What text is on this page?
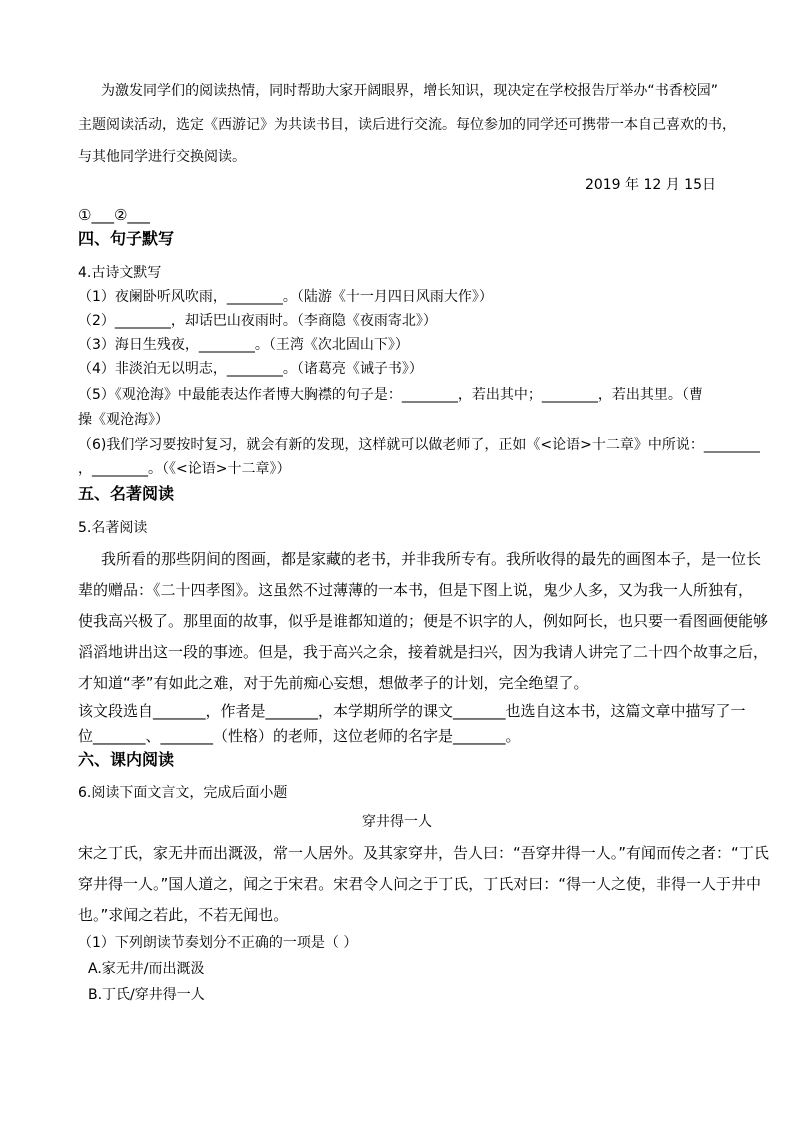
为激发同学们的阅读热情，同时帮助大家开阔眼界，增长知识，现决定在学校报告厅举办“书香校园”
主题阅读活动，选定《西游记》为共读书目，读后进行交流。每位参加的同学还可携带一本自己喜欢的书，
与其他同学进行交换阅读。
2019 年 12 月 15日
①___②___
四、句子默写
4.古诗文默写
（1）夜阑卧听风吹雨，________。（陆游《十一月四日风雨大作》）
（2）________，却话巴山夜雨时。（李商隐《夜雨寄北》）
（3）海日生残夜，________。（王湾《次北固山下》）
（4）非淡泊无以明志，________。（诸葛亮《诫子书》）
（5）《观沧海》中最能表达作者博大胸襟的句子是：________，若出其中；________，若出其里。（曹
操《观沧海》）
（6)我们学习要按时复习，就会有新的发现，这样就可以做老师了，正如《<论语>十二章》中所说：________
，________。（《<论语>十二章》）
五、名著阅读
5.名著阅读
我所看的那些阴间的图画，都是家藏的老书，并非我所专有。我所收得的最先的画图本子，是一位长
辈的赠品：《二十四孝图》。这虽然不过薄薄的一本书，但是下图上说，鬼少人多，又为我一人所独有，
使我高兴极了。那里面的故事，似乎是谁都知道的；便是不识字的人，例如阿长，也只要一看图画便能够
滔滔地讲出这一段的事迹。但是，我于高兴之余，接着就是扫兴，因为我请人讲完了二十四个故事之后，
才知道“孝”有如此之难，对于先前痴心妄想，想做孝子的计划，完全绝望了。
该文段选自_______，作者是_______，本学期所学的课文_______也选自这本书，这篇文章中描写了一
位_______、_______（性格）的老师，这位老师的名字是_______。
六、课内阅读
6.阅读下面文言文，完成后面小题
穿井得一人
宋之丁氏，家无井而出溉汲，常一人居外。及其家穿井，告人曰：“吾穿井得一人。”有闻而传之者：“丁氏
穿井得一人。”国人道之，闻之于宋君。宋君令人问之于丁氏，丁氏对曰：“得一人之使，非得一人于井中
也。”求闻之若此，不若无闻也。
（1）下列朗读节奏划分不正确的一项是（ ）
A.家无井/而出溉汲
B.丁氏/穿井得一人
